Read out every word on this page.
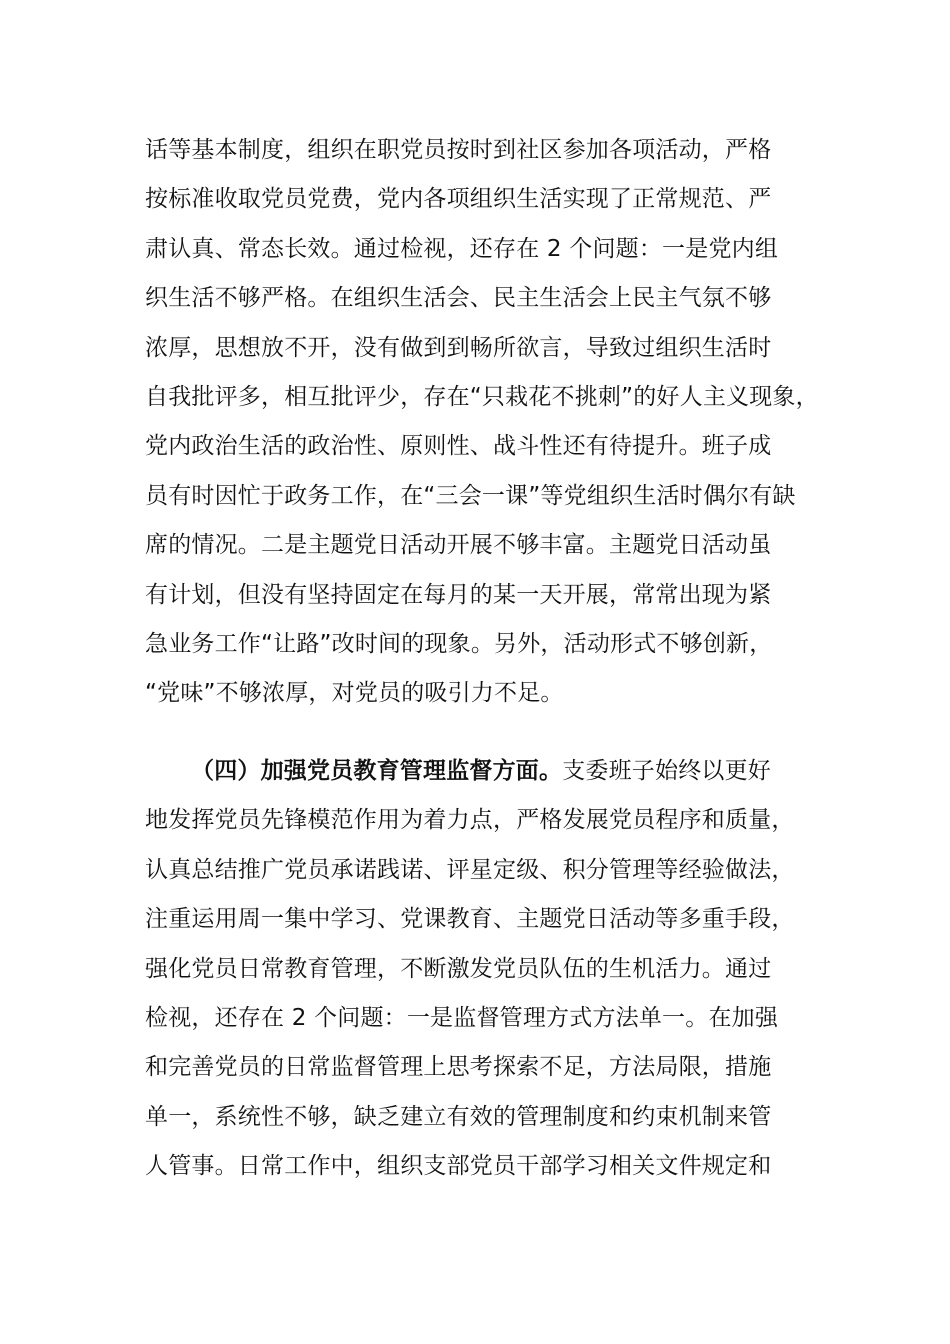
话等基本制度，组织在职党员按时到社区参加各项活动，严格
按标准收取党员党费，党内各项组织生活实现了正常规范、严
肃认真、常态长效。通过检视，还存在 2 个问题：一是党内组
织生活不够严格。在组织生活会、民主生活会上民主气氛不够
浓厚，思想放不开，没有做到到畅所欲言，导致过组织生活时
自我批评多，相互批评少，存在“只栽花不挑刺”的好人主义现象，
党内政治生活的政治性、原则性、战斗性还有待提升。班子成
员有时因忙于政务工作，在“三会一课”等党组织生活时偶尔有缺
席的情况。二是主题党日活动开展不够丰富。主题党日活动虽
有计划，但没有坚持固定在每月的某一天开展，常常出现为紧
急业务工作“让路”改时间的现象。另外，活动形式不够创新，
“党味”不够浓厚，对党员的吸引力不足。
（四）加强党员教育管理监督方面。支委班子始终以更好
地发挥党员先锋模范作用为着力点，严格发展党员程序和质量，
认真总结推广党员承诺践诺、评星定级、积分管理等经验做法，
注重运用周一集中学习、党课教育、主题党日活动等多重手段，
强化党员日常教育管理，不断激发党员队伍的生机活力。通过
检视，还存在 2 个问题：一是监督管理方式方法单一。在加强
和完善党员的日常监督管理上思考探索不足，方法局限，措施
单一，系统性不够，缺乏建立有效的管理制度和约束机制来管
人管事。日常工作中，组织支部党员干部学习相关文件规定和
